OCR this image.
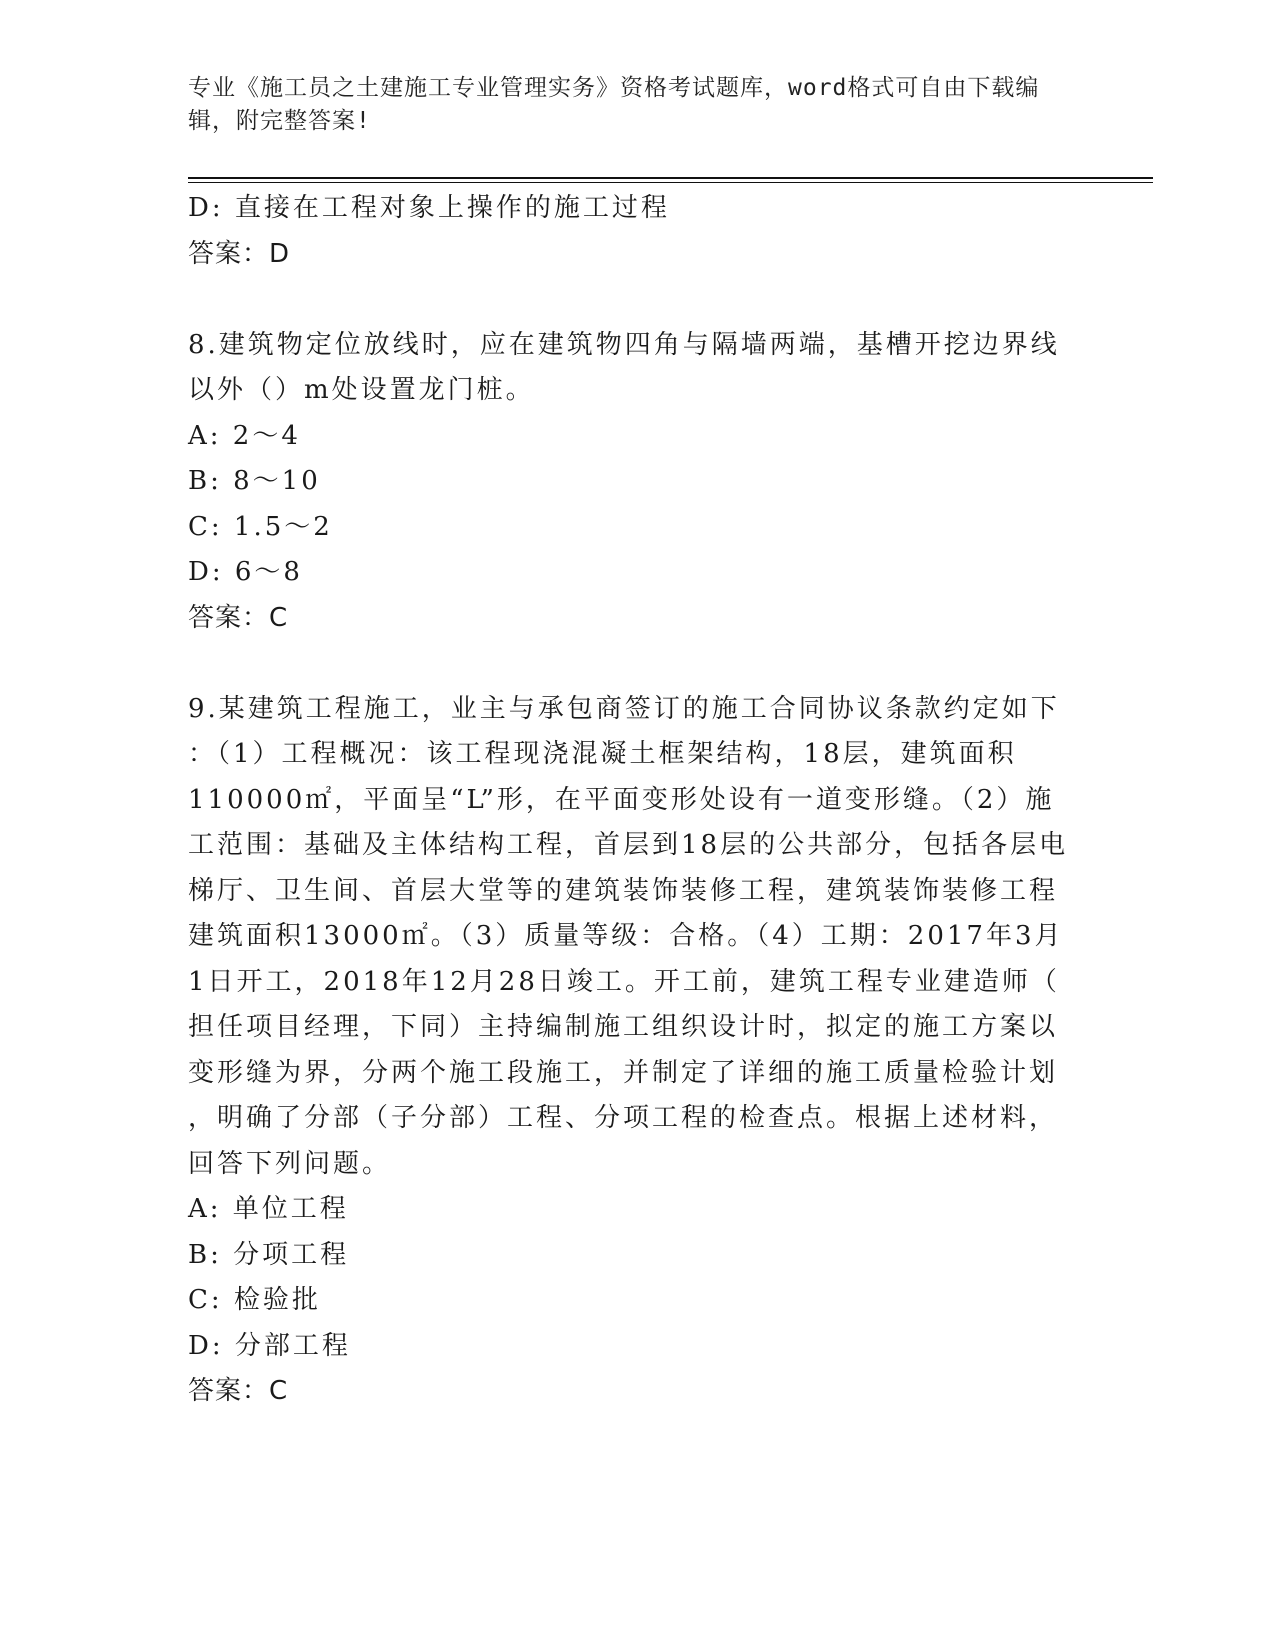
专业《施工员之土建施工专业管理实务》资格考试题库，word格式可自由下载编
辑，附完整答案!
D: 直接在工程对象上操作的施工过程
答案：D
8.建筑物定位放线时，应在建筑物四角与隔墙两端，基槽开挖边界线
以外（）m处设置龙门桩。
A: 2～4
B: 8～10
C: 1.5～2
D: 6～8
答案：C
9.某建筑工程施工，业主与承包商签订的施工合同协议条款约定如下
：（1）工程概况：该工程现浇混凝土框架结构，18层，建筑面积
110000㎡，平面呈“L”形，在平面变形处设有一道变形缝。（2）施
工范围：基础及主体结构工程，首层到18层的公共部分，包括各层电
梯厅、卫生间、首层大堂等的建筑装饰装修工程，建筑装饰装修工程
建筑面积13000㎡。（3）质量等级：合格。（4）工期：2017年3月
1日开工，2018年12月28日竣工。开工前，建筑工程专业建造师（
担任项目经理，下同）主持编制施工组织设计时，拟定的施工方案以
变形缝为界，分两个施工段施工，并制定了详细的施工质量检验计划
，明确了分部（子分部）工程、分项工程的检查点。根据上述材料，
回答下列问题。
A: 单位工程
B: 分项工程
C: 检验批
D: 分部工程
答案：C
